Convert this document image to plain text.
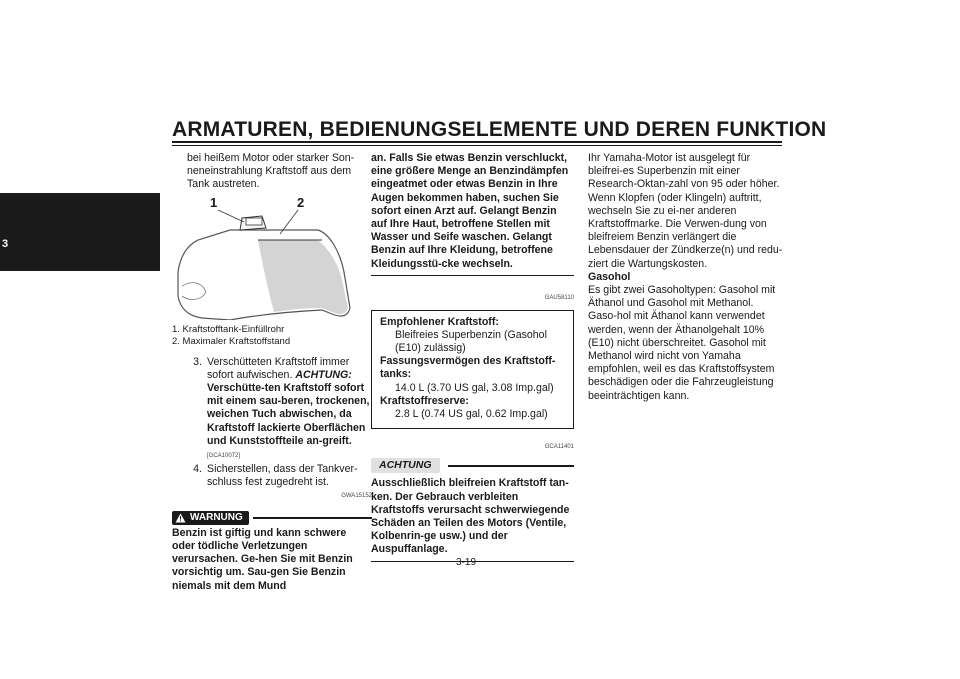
ARMATUREN, BEDIENUNGSELEMENTE UND DEREN FUNKTION
3

bei heißem Motor oder starker Son-neneinstrahlung Kraftstoff aus dem Tank austreten.

1	2
1. Kraftstofftank-Einfüllrohr
2. Maximaler Kraftstoffstand
3. Verschütteten Kraftstoff immer sofort aufwischen. ACHTUNG: Verschütte-ten Kraftstoff sofort mit einem sau-beren, trockenen, weichen Tuch abwischen, da Kraftstoff lackierte Oberflächen und Kunststoffteile an-greift.[GCA10072]
4. Sicherstellen, dass der Tankver-schluss fest zugedreht ist.
GWA15152
WARNUNG

Benzin ist giftig und kann schwere oder tödliche Verletzungen verursachen. Ge-hen Sie mit Benzin vorsichtig um. Sau-gen Sie Benzin niemals mit dem Mund

an. Falls Sie etwas Benzin verschluckt, eine größere Menge an Benzindämpfen eingeatmet oder etwas Benzin in Ihre Augen bekommen haben, suchen Sie sofort einen Arzt auf. Gelangt Benzin auf Ihre Haut, betroffene Stellen mit Wasser und Seife waschen. Gelangt Benzin auf Ihre Kleidung, betroffene Kleidungsstü-cke wechseln.

GAU58110
Empfohlener Kraftstoff:
Bleifreies Superbenzin (Gasohol (E10) zulässig)
Fassungsvermögen des Kraftstoff-tanks:
14.0 L (3.70 US gal, 3.08 Imp.gal)
Kraftstoffreserve:
2.8 L (0.74 US gal, 0.62 Imp.gal)
GCA11401
ACHTUNG

Ausschließlich bleifreien Kraftstoff tan-ken. Der Gebrauch verbleiten Kraftstoffs verursacht schwerwiegende Schäden an Teilen des Motors (Ventile, Kolbenrin-ge usw.) und der Auspuffanlage.

Ihr Yamaha-Motor ist ausgelegt für bleifrei-es Superbenzin mit einer Research-Oktan-zahl von 95 oder höher. Wenn Klopfen (oder Klingeln) auftritt, wechseln Sie zu ei-ner anderen Kraftstoffmarke. Die Verwen-dung von bleifreiem Benzin verlängert die Lebensdauer der Zündkerze(n) und redu-ziert die Wartungskosten.

Gasohol

Es gibt zwei Gasoholtypen: Gasohol mit Äthanol und Gasohol mit Methanol. Gaso-hol mit Äthanol kann verwendet werden, wenn der Äthanolgehalt 10% (E10) nicht überschreitet. Gasohol mit Methanol wird nicht von Yamaha empfohlen, weil es das Kraftstoffsystem beschädigen oder die Fahrzeugleistung beeinträchtigen kann.

3-19
